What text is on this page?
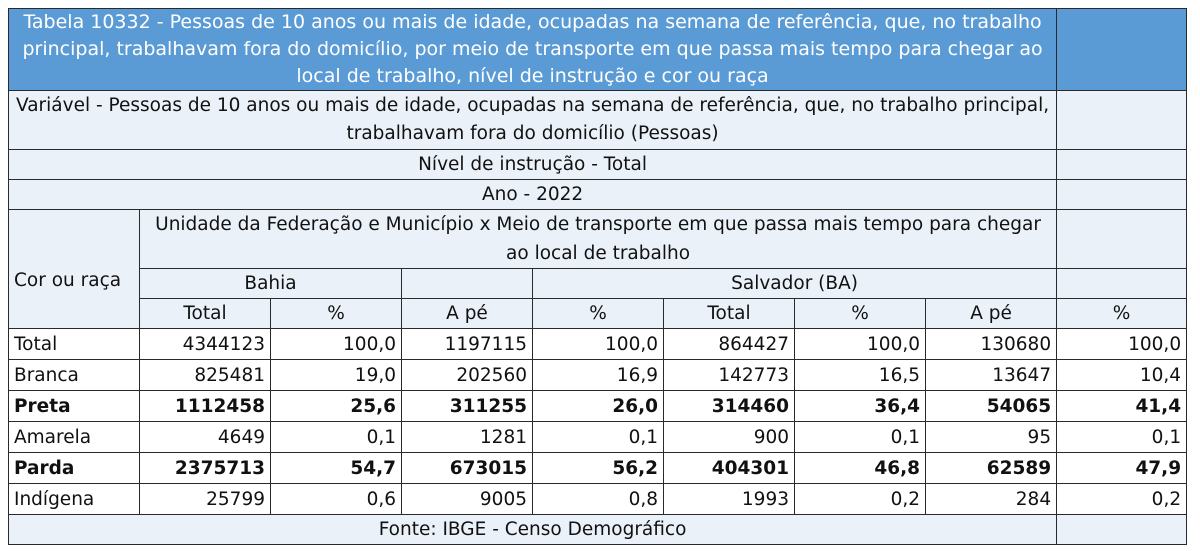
Tabela 10332 - Pessoas de 10 anos ou mais de idade, ocupadas na semana de referência, que, no trabalho principal, trabalhavam fora do domicílio, por meio de transporte em que passa mais tempo para chegar ao local de trabalho, nível de instrução e cor ou raça								
Variável - Pessoas de 10 anos ou mais de idade, ocupadas na semana de referência, que, no trabalho principal, trabalhavam fora do domicílio (Pessoas)								
Nível de instrução - Total								
Ano - 2022								
Cor ou raça	Unidade da Federação e Município x Meio de transporte em que passa mais tempo para chegar ao local de trabalho							
	Bahia			Salvador (BA)				
	Total	%	A pé	%	Total	%	A pé	%
Total	4344123	100,0	1197115	100,0	864427	100,0	130680	100,0
Branca	825481	19,0	202560	16,9	142773	16,5	13647	10,4
Preta	1112458	25,6	311255	26,0	314460	36,4	54065	41,4
Amarela	4649	0,1	1281	0,1	900	0,1	95	0,1
Parda	2375713	54,7	673015	56,2	404301	46,8	62589	47,9
Indígena	25799	0,6	9005	0,8	1993	0,2	284	0,2
Fonte: IBGE - Censo Demográfico								
